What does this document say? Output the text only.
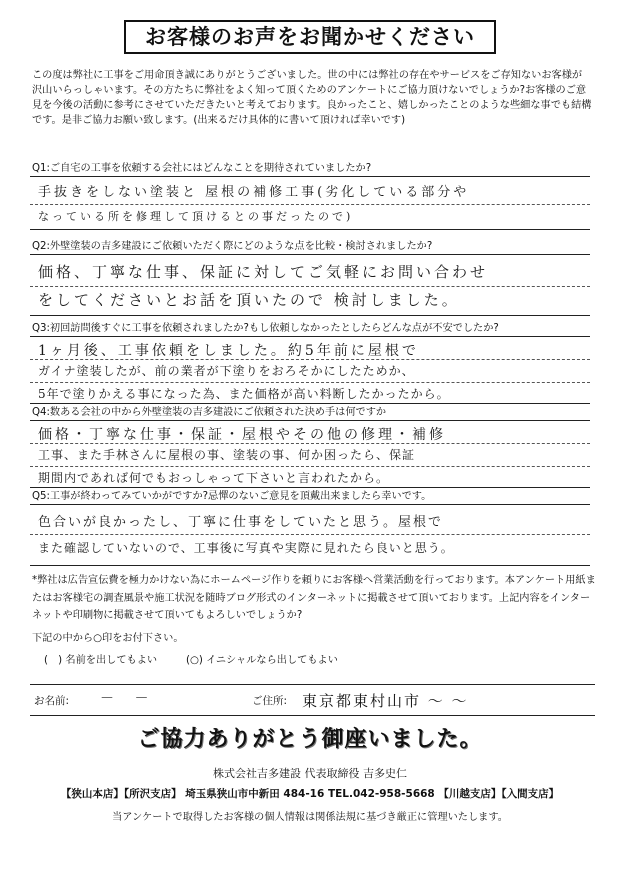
お客様のお声をお聞かせください
この度は弊社に工事をご用命頂き誠にありがとうございました。世の中には弊社の存在やサービスをご存知ないお客様が沢山いらっしゃいます。その方たちに弊社をよく知って頂くためのアンケートにご協力頂けないでしょうか?お客様のご意見を今後の活動に参考にさせていただきたいと考えております。良かったこと、嬉しかったことのような些細な事でも結構です。是非ご協力お願い致します。(出来るだけ具体的に書いて頂ければ幸いです)
Q1:ご自宅の工事を依頼する会社にはどんなことを期待されていましたか?
手抜きをしない塗装と 屋根の補修工事(劣化している部分や
なっている所を修理して頂けるとの事だったので)
Q2:外壁塗装の吉多建設にご依頼いただく際にどのような点を比較・検討されましたか?
価格、丁寧な仕事、保証に対してご気軽にお問い合わせ
をしてくださいとお話を頂いたので 検討しました。
Q3:初回訪問後すぐに工事を依頼されましたか?もし依頼しなかったとしたらどんな点が不安でしたか?
1ヶ月後、工事依頼をしました。約5年前に屋根で
ガイナ塗装したが、前の業者が下塗りをおろそかにしたためか、
5年で塗りかえる事になった為、また価格が高い料断したかったから。
Q4:数ある会社の中から外壁塗装の吉多建設にご依頼された決め手は何ですか
価格・丁寧な仕事・保証・屋根やその他の修理・補修
工事、また手林さんに屋根の事、塗装の事、何か困ったら、保証
期間内であれば何でもおっしゃって下さいと言われたから。
Q5:工事が終わってみていかがですか?忌憚のないご意見を頂戴出来ましたら幸いです。
色合いが良かったし、丁寧に仕事をしていたと思う。屋根で
また確認していないので、工事後に写真や実際に見れたら良いと思う。
*弊社は広告宣伝費を極力かけない為にホームページ作りを頼りにお客様へ営業活動を行っております。本アンケート用紙またはお客様宅の調査風景や施工状況を随時ブログ形式のインターネットに掲載させて頂いております。上記内容をインターネットや印刷物に掲載させて頂いてもよろしいでしょうか?
下記の中から○印をお付下さい。
(　) 名前を出してもよい	(○) イニシャルなら出してもよい
お名前: － －	ご住所: 東京都東村山市 ～ ～
ご協力ありがとう御座いました。
株式会社吉多建設 代表取締役 吉多史仁
【狭山本店】【所沢支店】 埼玉県狭山市中新田 484-16 TEL.042-958-5668 【川越支店】【入間支店】
当アンケートで取得したお客様の個人情報は関係法規に基づき厳正に管理いたします。
